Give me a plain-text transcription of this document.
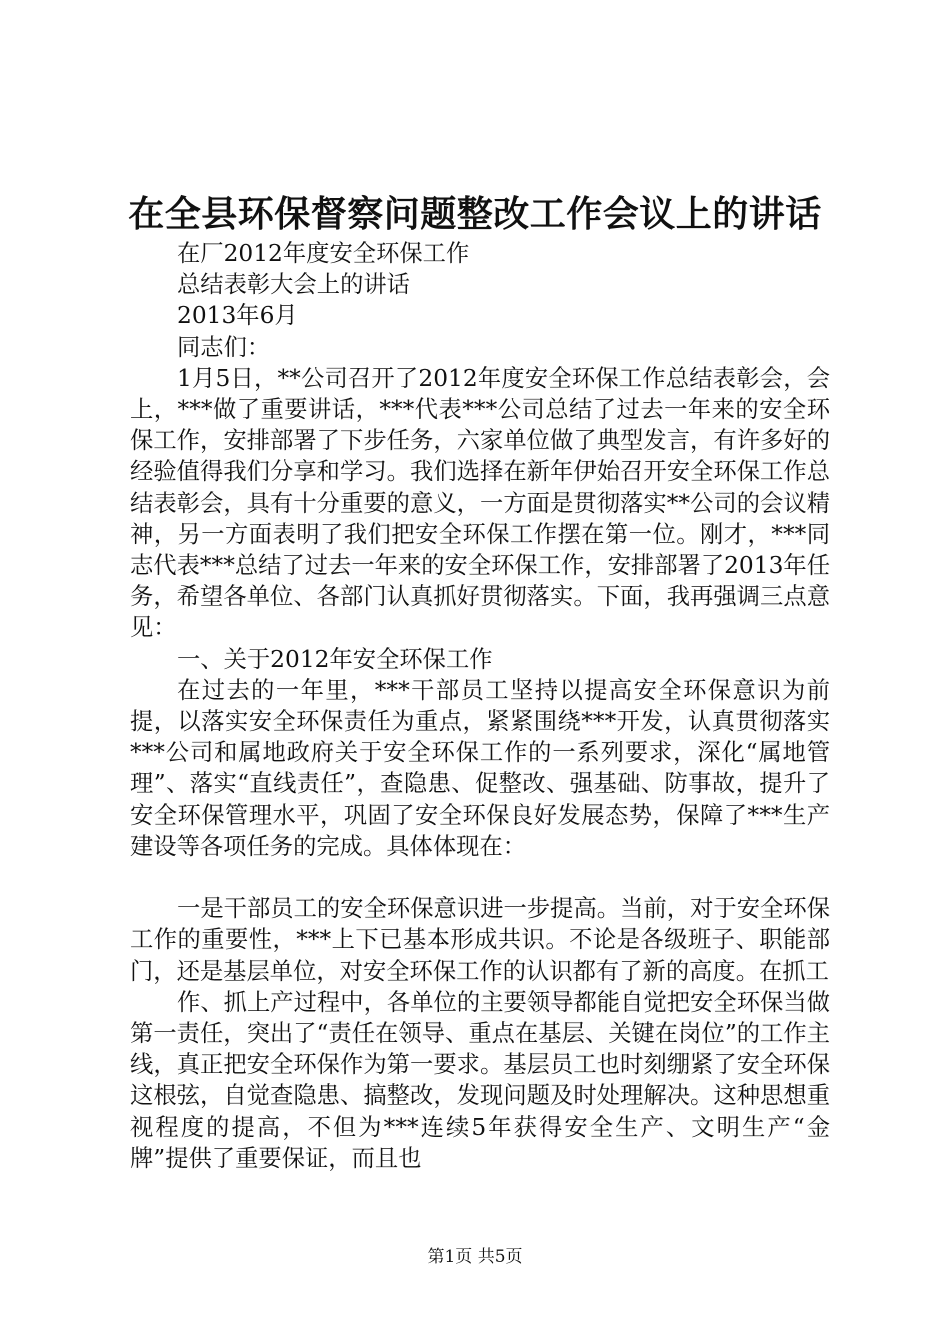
在全县环保督察问题整改工作会议上的讲话

在厂2012年度安全环保工作

总结表彰大会上的讲话

2013年6月

同志们：

1月5日，**公司召开了2012年度安全环保工作总结表彰会，会上，***做了重要讲话，***代表***公司总结了过去一年来的安全环保工作，安排部署了下步任务，六家单位做了典型发言，有许多好的经验值得我们分享和学习。我们选择在新年伊始召开安全环保工作总结表彰会，具有十分重要的意义，一方面是贯彻落实**公司的会议精神，另一方面表明了我们把安全环保工作摆在第一位。刚才，***同志代表***总结了过去一年来的安全环保工作，安排部署了2013年任务，希望各单位、各部门认真抓好贯彻落实。下面，我再强调三点意见：

一、关于2012年安全环保工作

在过去的一年里，***干部员工坚持以提高安全环保意识为前提，以落实安全环保责任为重点，紧紧围绕***开发，认真贯彻落实***公司和属地政府关于安全环保工作的一系列要求，深化“属地管理”、落实“直线责任”，查隐患、促整改、强基础、防事故，提升了安全环保管理水平，巩固了安全环保良好发展态势，保障了***生产建设等各项任务的完成。具体体现在：

一是干部员工的安全环保意识进一步提高。当前，对于安全环保工作的重要性，***上下已基本形成共识。不论是各级班子、职能部门，还是基层单位，对安全环保工作的认识都有了新的高度。在抓工

作、抓上产过程中，各单位的主要领导都能自觉把安全环保当做第一责任，突出了“责任在领导、重点在基层、关键在岗位”的工作主线，真正把安全环保作为第一要求。基层员工也时刻绷紧了安全环保这根弦，自觉查隐患、搞整改，发现问题及时处理解决。这种思想重视程度的提高，不但为***连续5年获得安全生产、文明生产“金牌”提供了重要保证，而且也

第1页 共5页
